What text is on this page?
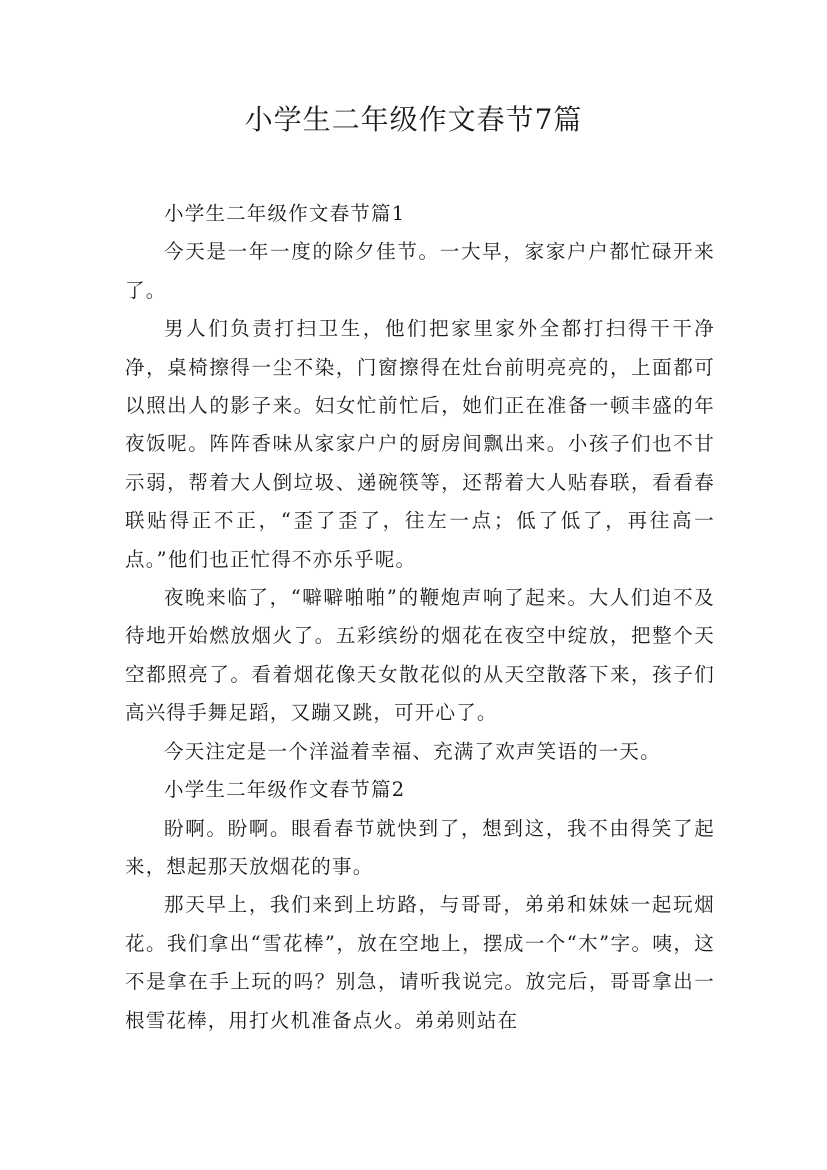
小学生二年级作文春节7篇

小学生二年级作文春节篇1

今天是一年一度的除夕佳节。一大早，家家户户都忙碌开来了。

男人们负责打扫卫生，他们把家里家外全都打扫得干干净净，桌椅擦得一尘不染，门窗擦得在灶台前明亮亮的，上面都可以照出人的影子来。妇女忙前忙后，她们正在准备一顿丰盛的年夜饭呢。阵阵香味从家家户户的厨房间飘出来。小孩子们也不甘示弱，帮着大人倒垃圾、递碗筷等，还帮着大人贴春联，看看春联贴得正不正，“歪了歪了，往左一点；低了低了，再往高一点。”他们也正忙得不亦乐乎呢。

夜晚来临了，“噼噼啪啪”的鞭炮声响了起来。大人们迫不及待地开始燃放烟火了。五彩缤纷的烟花在夜空中绽放，把整个天空都照亮了。看着烟花像天女散花似的从天空散落下来，孩子们高兴得手舞足蹈，又蹦又跳，可开心了。

今天注定是一个洋溢着幸福、充满了欢声笑语的一天。

小学生二年级作文春节篇2

盼啊。盼啊。眼看春节就快到了，想到这，我不由得笑了起来，想起那天放烟花的事。

那天早上，我们来到上坊路，与哥哥，弟弟和妹妹一起玩烟花。我们拿出“雪花棒”，放在空地上，摆成一个“木”字。咦，这不是拿在手上玩的吗？别急，请听我说完。放完后，哥哥拿出一根雪花棒，用打火机准备点火。弟弟则站在
